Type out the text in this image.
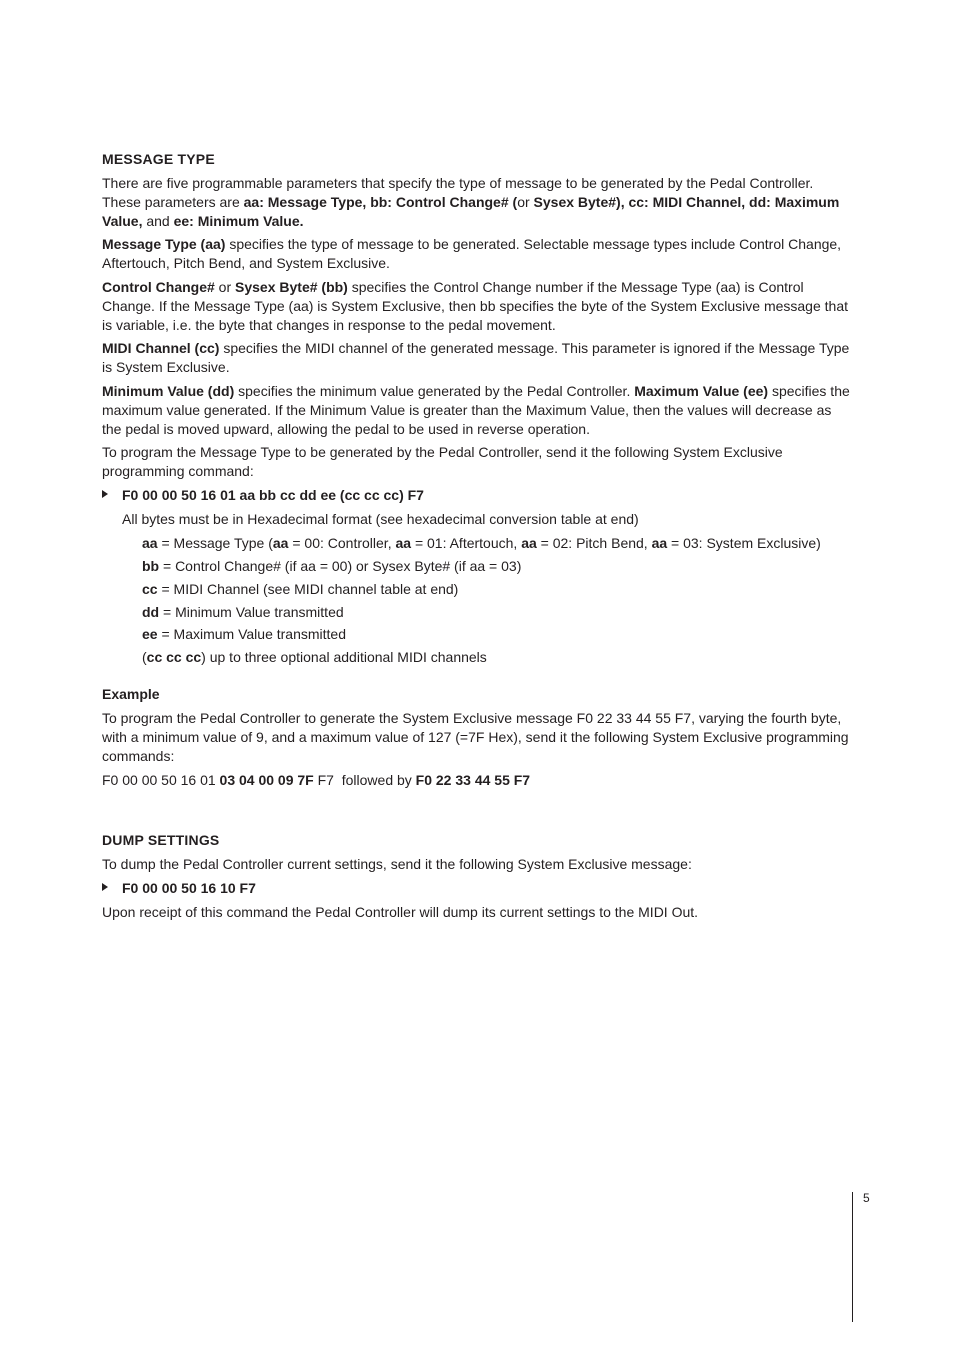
MESSAGE TYPE

There are five programmable parameters that specify the type of message to be generated by the Pedal Controller. These parameters are aa: Message Type, bb: Control Change# (or Sysex Byte#), cc: MIDI Channel, dd: Maximum Value, and ee: Minimum Value.

Message Type (aa) specifies the type of message to be generated. Selectable message types include Control Change, Aftertouch, Pitch Bend, and System Exclusive.

Control Change# or Sysex Byte# (bb) specifies the Control Change number if the Message Type (aa) is Control Change. If the Message Type (aa) is System Exclusive, then bb specifies the byte of the System Exclusive message that is variable, i.e. the byte that changes in response to the pedal movement.

MIDI Channel (cc) specifies the MIDI channel of the generated message. This parameter is ignored if the Message Type is System Exclusive.

Minimum Value (dd) specifies the minimum value generated by the Pedal Controller. Maximum Value (ee) specifies the maximum value generated. If the Minimum Value is greater than the Maximum Value, then the values will decrease as the pedal is moved upward, allowing the pedal to be used in reverse operation.

To program the Message Type to be generated by the Pedal Controller, send it the following System Exclusive programming command:

F0 00 00 50 16 01 aa bb cc dd ee (cc cc cc) F7

All bytes must be in Hexadecimal format (see hexadecimal conversion table at end)

aa = Message Type (aa = 00: Controller, aa = 01: Aftertouch, aa = 02: Pitch Bend, aa = 03: System Exclusive)

bb = Control Change# (if aa = 00) or Sysex Byte# (if aa = 03)

cc = MIDI Channel (see MIDI channel table at end)

dd = Minimum Value transmitted

ee = Maximum Value transmitted

(cc cc cc) up to three optional additional MIDI channels

Example

To program the Pedal Controller to generate the System Exclusive message F0 22 33 44 55 F7, varying the fourth byte, with a minimum value of 9, and a maximum value of 127 (=7F Hex), send it the following System Exclusive programming commands:

F0 00 00 50 16 01 03 04 00 09 7F F7  followed by F0 22 33 44 55 F7

DUMP SETTINGS

To dump the Pedal Controller current settings, send it the following System Exclusive message:

F0 00 00 50 16 10 F7

Upon receipt of this command the Pedal Controller will dump its current settings to the MIDI Out.

5
